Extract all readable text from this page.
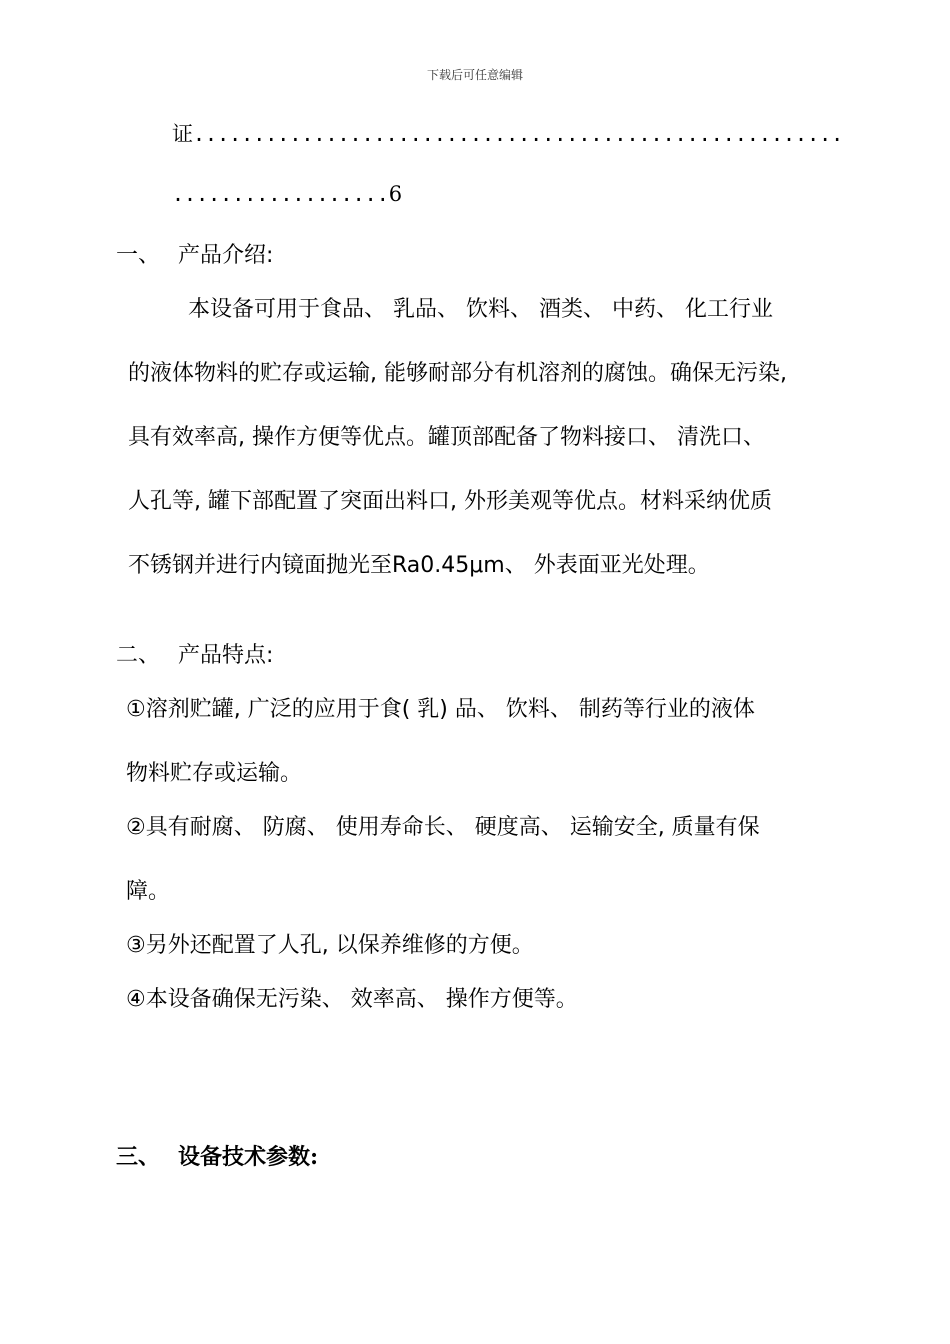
下载后可任意编辑
证......................................................
..................6
一、 产品介绍:
本设备可用于食品、 乳品、 饮料、 酒类、 中药、 化工行业
的液体物料的贮存或运输, 能够耐部分有机溶剂的腐蚀。确保无污染,
具有效率高, 操作方便等优点。罐顶部配备了物料接口、 清洗口、
人孔等, 罐下部配置了突面出料口, 外形美观等优点。材料采纳优质
不锈钢并进行内镜面抛光至Ra0.45μm、 外表面亚光处理。
二、 产品特点:
①溶剂贮罐, 广泛的应用于食( 乳) 品、 饮料、 制药等行业的液体
物料贮存或运输。
②具有耐腐、 防腐、 使用寿命长、 硬度高、 运输安全, 质量有保
障。
③另外还配置了人孔, 以保养维修的方便。
④本设备确保无污染、 效率高、 操作方便等。
三、 设备技术参数:
